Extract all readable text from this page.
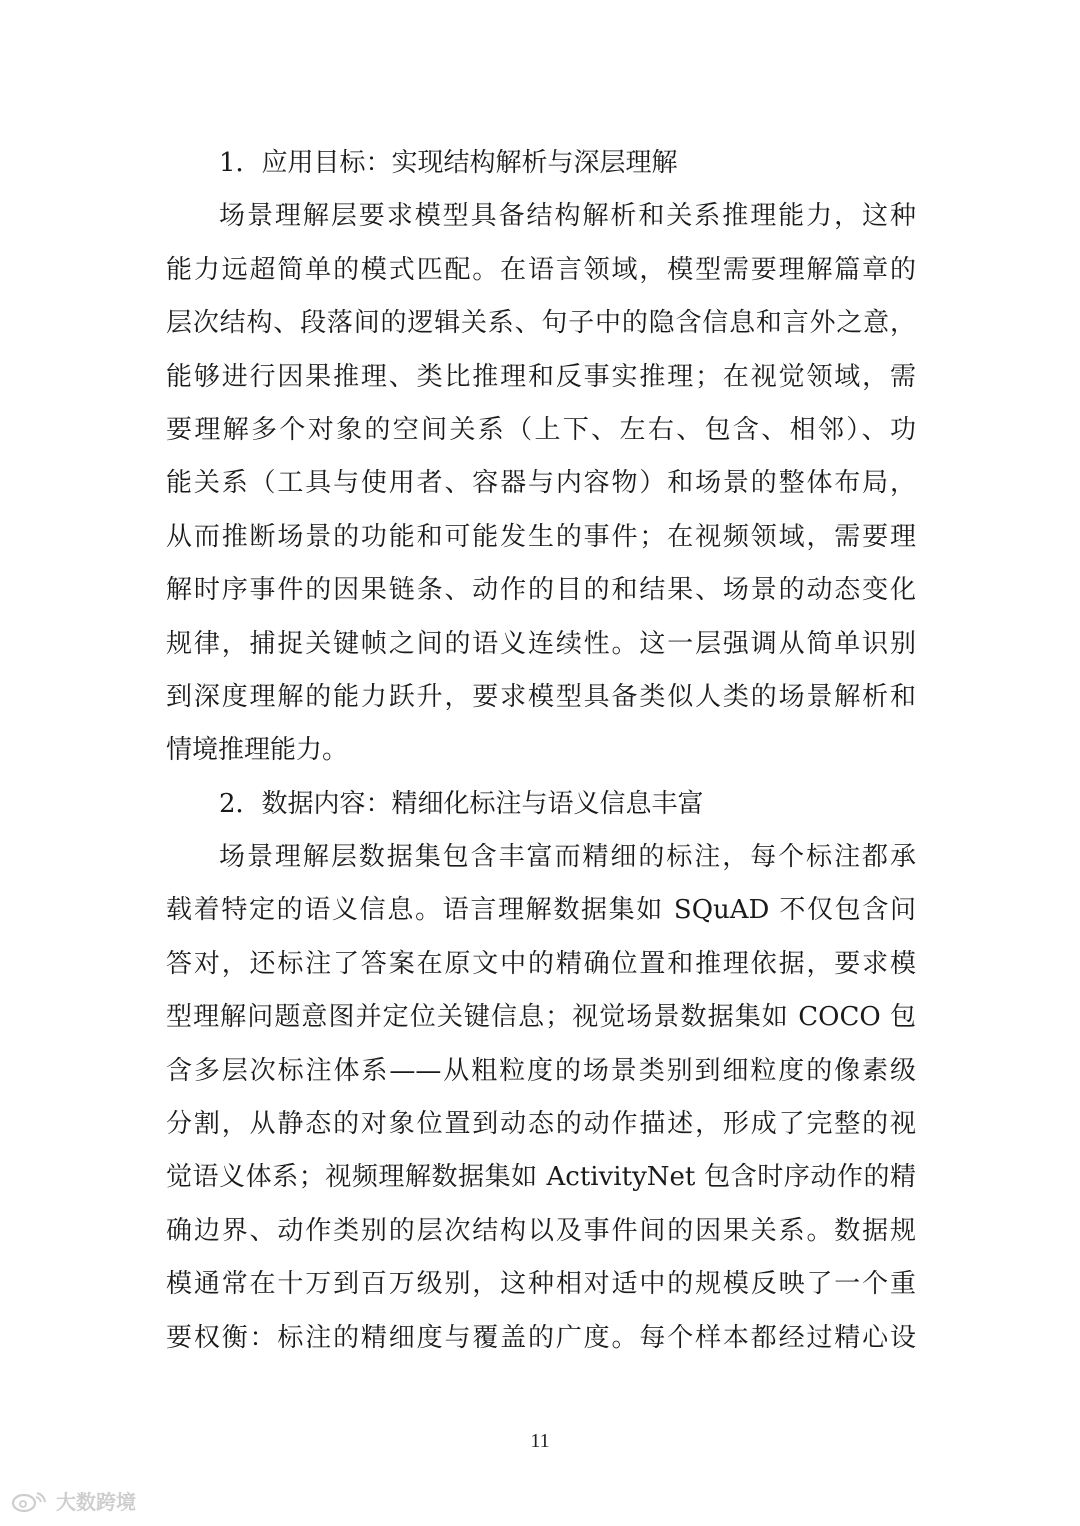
1．应用目标：实现结构解析与深层理解
场景理解层要求模型具备结构解析和关系推理能力，这种
能力远超简单的模式匹配。在语言领域，模型需要理解篇章的
层次结构、段落间的逻辑关系、句子中的隐含信息和言外之意，
能够进行因果推理、类比推理和反事实推理；在视觉领域，需
要理解多个对象的空间关系（上下、左右、包含、相邻）、功
能关系（工具与使用者、容器与内容物）和场景的整体布局，
从而推断场景的功能和可能发生的事件；在视频领域，需要理
解时序事件的因果链条、动作的目的和结果、场景的动态变化
规律，捕捉关键帧之间的语义连续性。这一层强调从简单识别
到深度理解的能力跃升，要求模型具备类似人类的场景解析和
情境推理能力。
2．数据内容：精细化标注与语义信息丰富
场景理解层数据集包含丰富而精细的标注，每个标注都承
载着特定的语义信息。语言理解数据集如 SQuAD 不仅包含问
答对，还标注了答案在原文中的精确位置和推理依据，要求模
型理解问题意图并定位关键信息；视觉场景数据集如 COCO 包
含多层次标注体系——从粗粒度的场景类别到细粒度的像素级
分割，从静态的对象位置到动态的动作描述，形成了完整的视
觉语义体系；视频理解数据集如 ActivityNet 包含时序动作的精
确边界、动作类别的层次结构以及事件间的因果关系。数据规
模通常在十万到百万级别，这种相对适中的规模反映了一个重
要权衡：标注的精细度与覆盖的广度。每个样本都经过精心设
11
大数跨境
